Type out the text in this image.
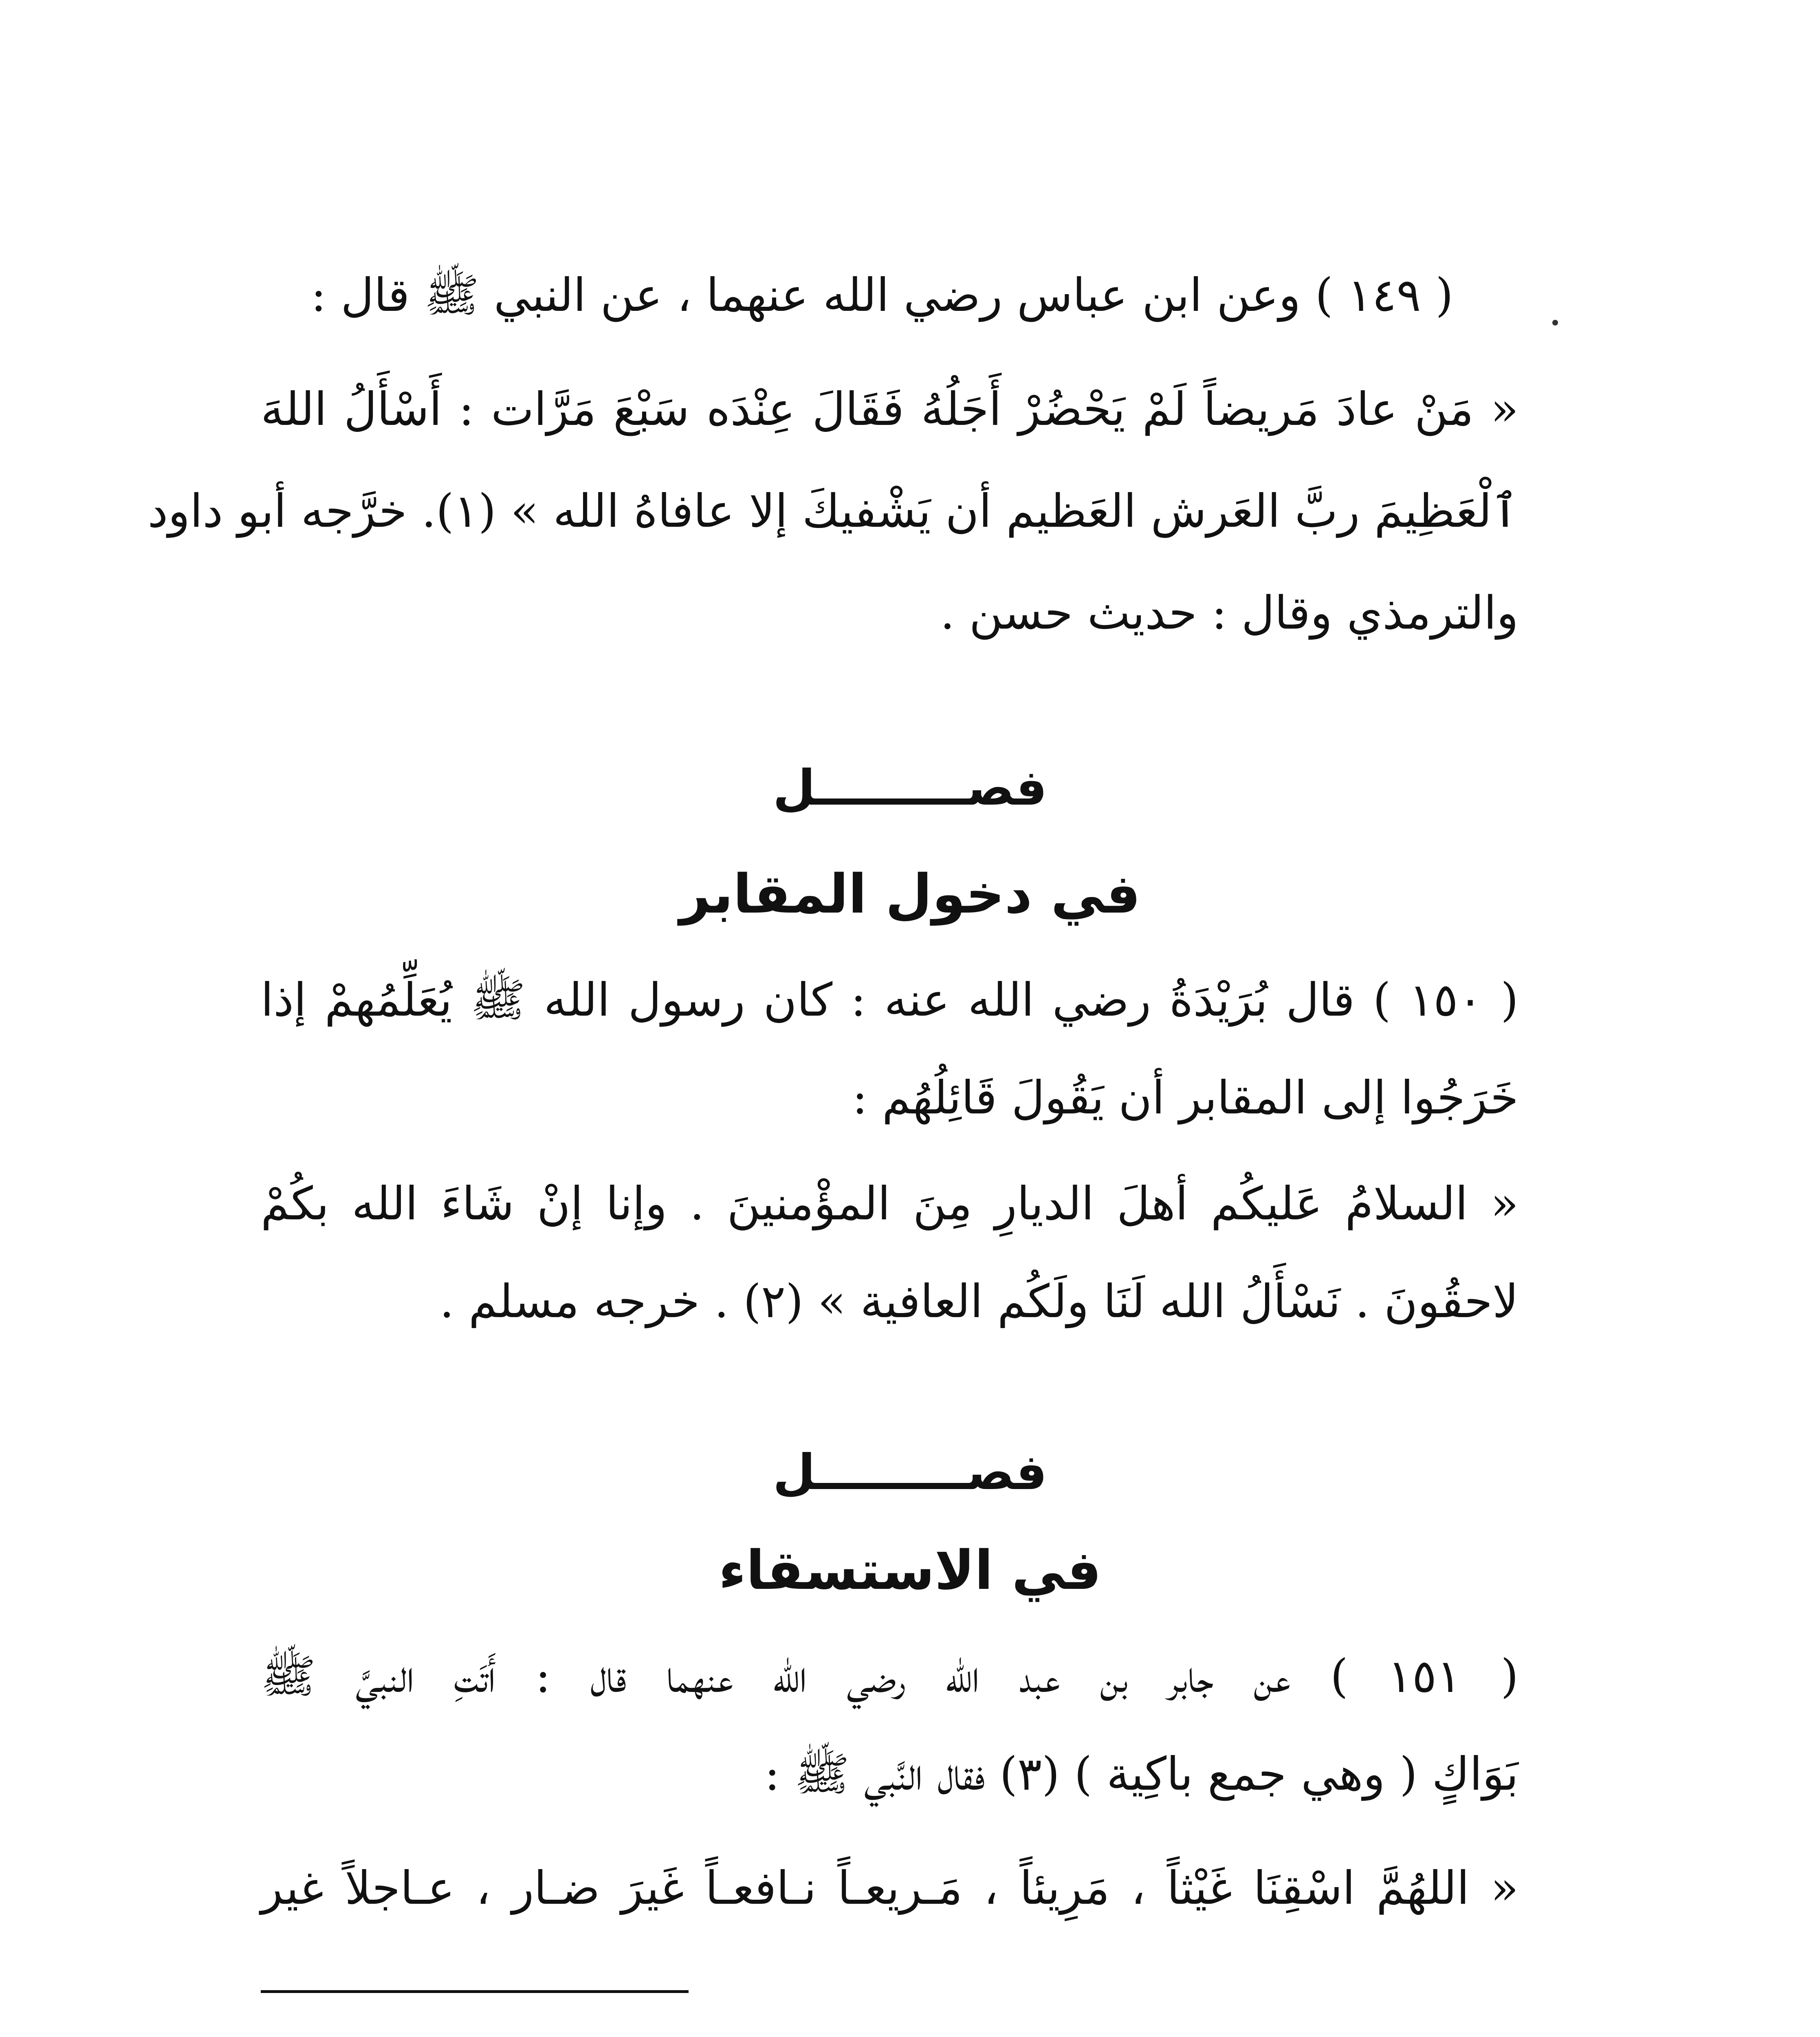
( ١٤٩ ) وعن ابن عباس رضي الله عنهما ، عن النبي ﷺ قال :
« مَنْ عادَ مَريضاً لَمْ يَحْضُرْ أَجَلُهُ فَقَالَ عِنْدَه سَبْعَ مَرَّات : أَسْأَلُ اللهَ
ٱلْعَظِيمَ ربَّ العَرش العَظيم أن يَشْفيكَ إلا عافاهُ الله » (١). خرَّجه أبو داود
والترمذي وقال : حديث حسن .
فصـــــــــل
في دخول المقابر
( ١٥٠ ) قال بُرَيْدَةُ رضي الله عنه : كان رسول الله ﷺ يُعَلِّمُهمْ إذا
خَرَجُوا إلى المقابر أن يَقُولَ قَائِلُهُم :
« السلامُ عَليكُم أهلَ الديارِ مِنَ المؤْمنينَ . وإنا إنْ شَاءَ الله بكُمْ
لاحقُونَ . نَسْأَلُ الله لَنَا ولَكُم العافية » (٢) . خرجه مسلم .
فصـــــــــل
في الاستسقاء
( ١٥١ ) عن جابر بن عبد الله رضي الله عنهما قال : أَتَتِ النبيَّ ﷺ
بَوَاكٍ ( وهي جمع باكِية ) (٣) فقال النَّبي ﷺ :
« اللهُمَّ اسْقِنَا غَيْثاً ، مَرِيئاً ، مَـريعـاً نـافعـاً غَيرَ ضـار ، عـاجلاً غير
